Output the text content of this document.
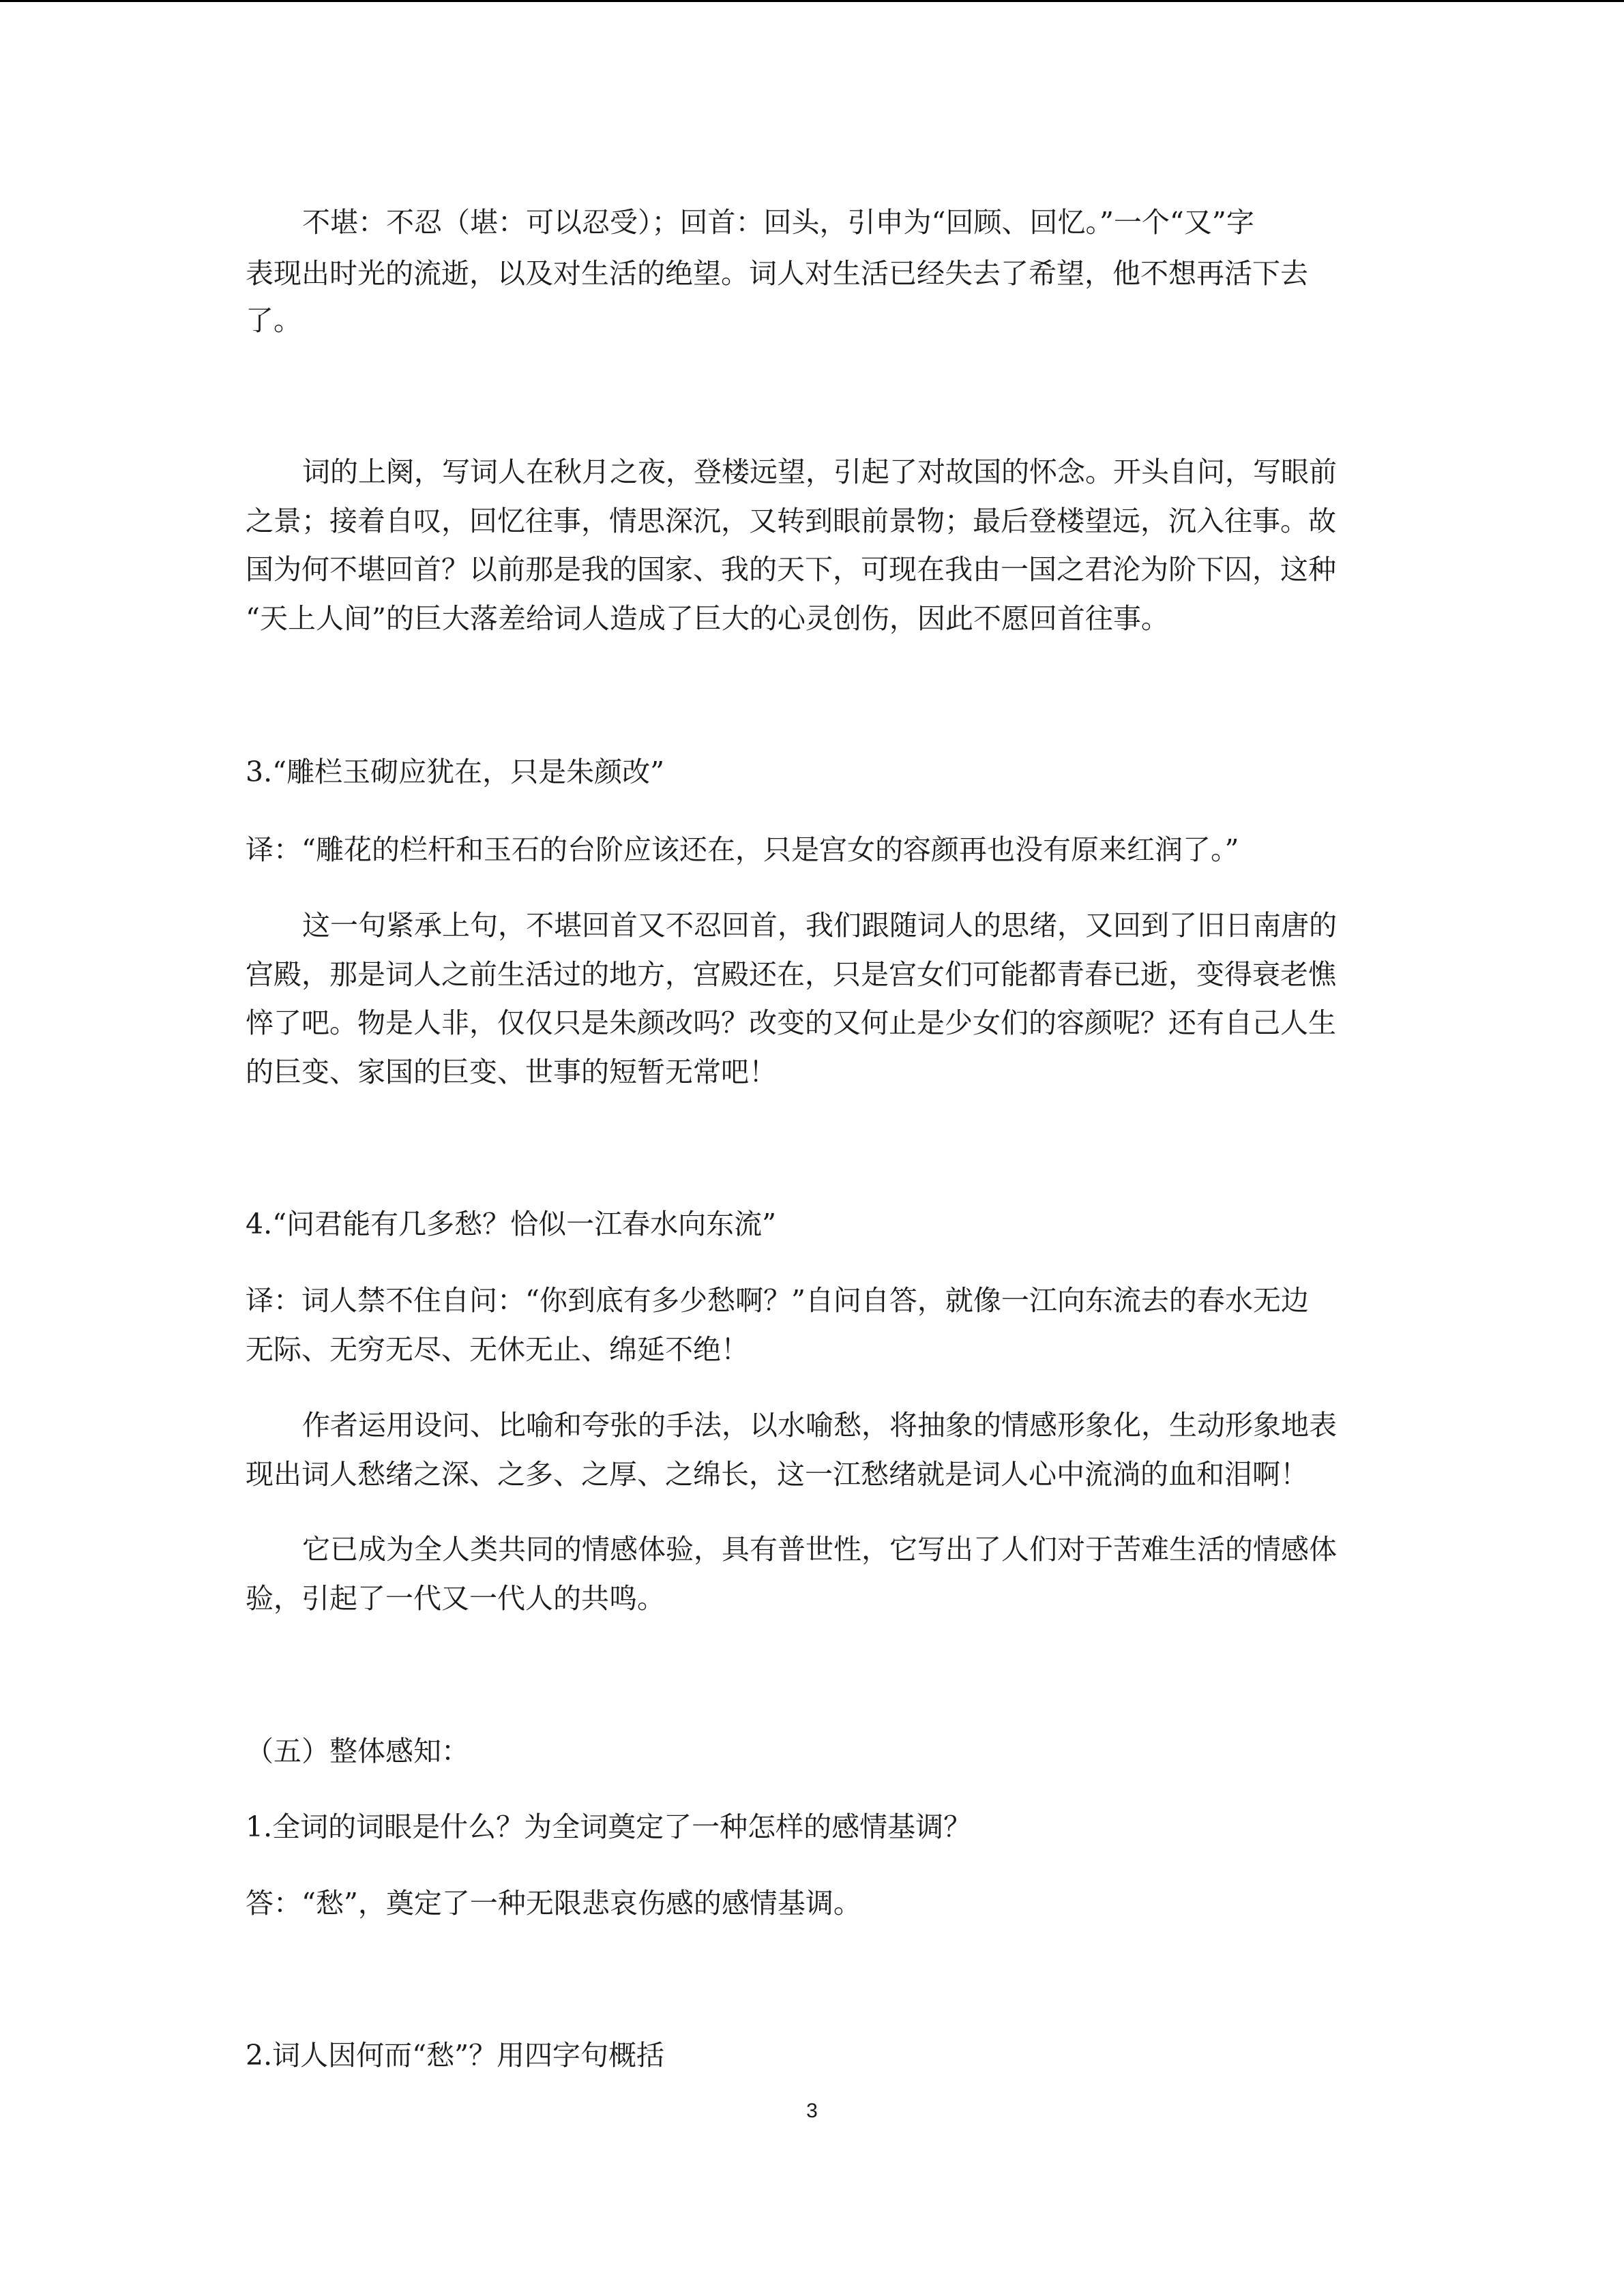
不堪：不忍（堪：可以忍受）；回首：回头，引申为“回顾、回忆。”一个“又”字
表现出时光的流逝，以及对生活的绝望。词人对生活已经失去了希望，他不想再活下去
了。
词的上阕，写词人在秋月之夜，登楼远望，引起了对故国的怀念。开头自问，写眼前
之景；接着自叹，回忆往事，情思深沉，又转到眼前景物；最后登楼望远，沉入往事。故
国为何不堪回首？以前那是我的国家、我的天下，可现在我由一国之君沦为阶下囚，这种
“天上人间”的巨大落差给词人造成了巨大的心灵创伤，因此不愿回首往事。
3.“雕栏玉砌应犹在，只是朱颜改”
译：“雕花的栏杆和玉石的台阶应该还在，只是宫女的容颜再也没有原来红润了。”
这一句紧承上句，不堪回首又不忍回首，我们跟随词人的思绪，又回到了旧日南唐的
宫殿，那是词人之前生活过的地方，宫殿还在，只是宫女们可能都青春已逝，变得衰老憔
悴了吧。物是人非，仅仅只是朱颜改吗？改变的又何止是少女们的容颜呢？还有自己人生
的巨变、家国的巨变、世事的短暂无常吧！
4.“问君能有几多愁？恰似一江春水向东流”
译：词人禁不住自问：“你到底有多少愁啊？”自问自答，就像一江向东流去的春水无边
无际、无穷无尽、无休无止、绵延不绝！
作者运用设问、比喻和夸张的手法，以水喻愁，将抽象的情感形象化，生动形象地表
现出词人愁绪之深、之多、之厚、之绵长，这一江愁绪就是词人心中流淌的血和泪啊！
它已成为全人类共同的情感体验，具有普世性，它写出了人们对于苦难生活的情感体
验，引起了一代又一代人的共鸣。
（五）整体感知：
1.全词的词眼是什么？为全词奠定了一种怎样的感情基调？
答：“愁”，奠定了一种无限悲哀伤感的感情基调。
2.词人因何而“愁”？用四字句概括
3
